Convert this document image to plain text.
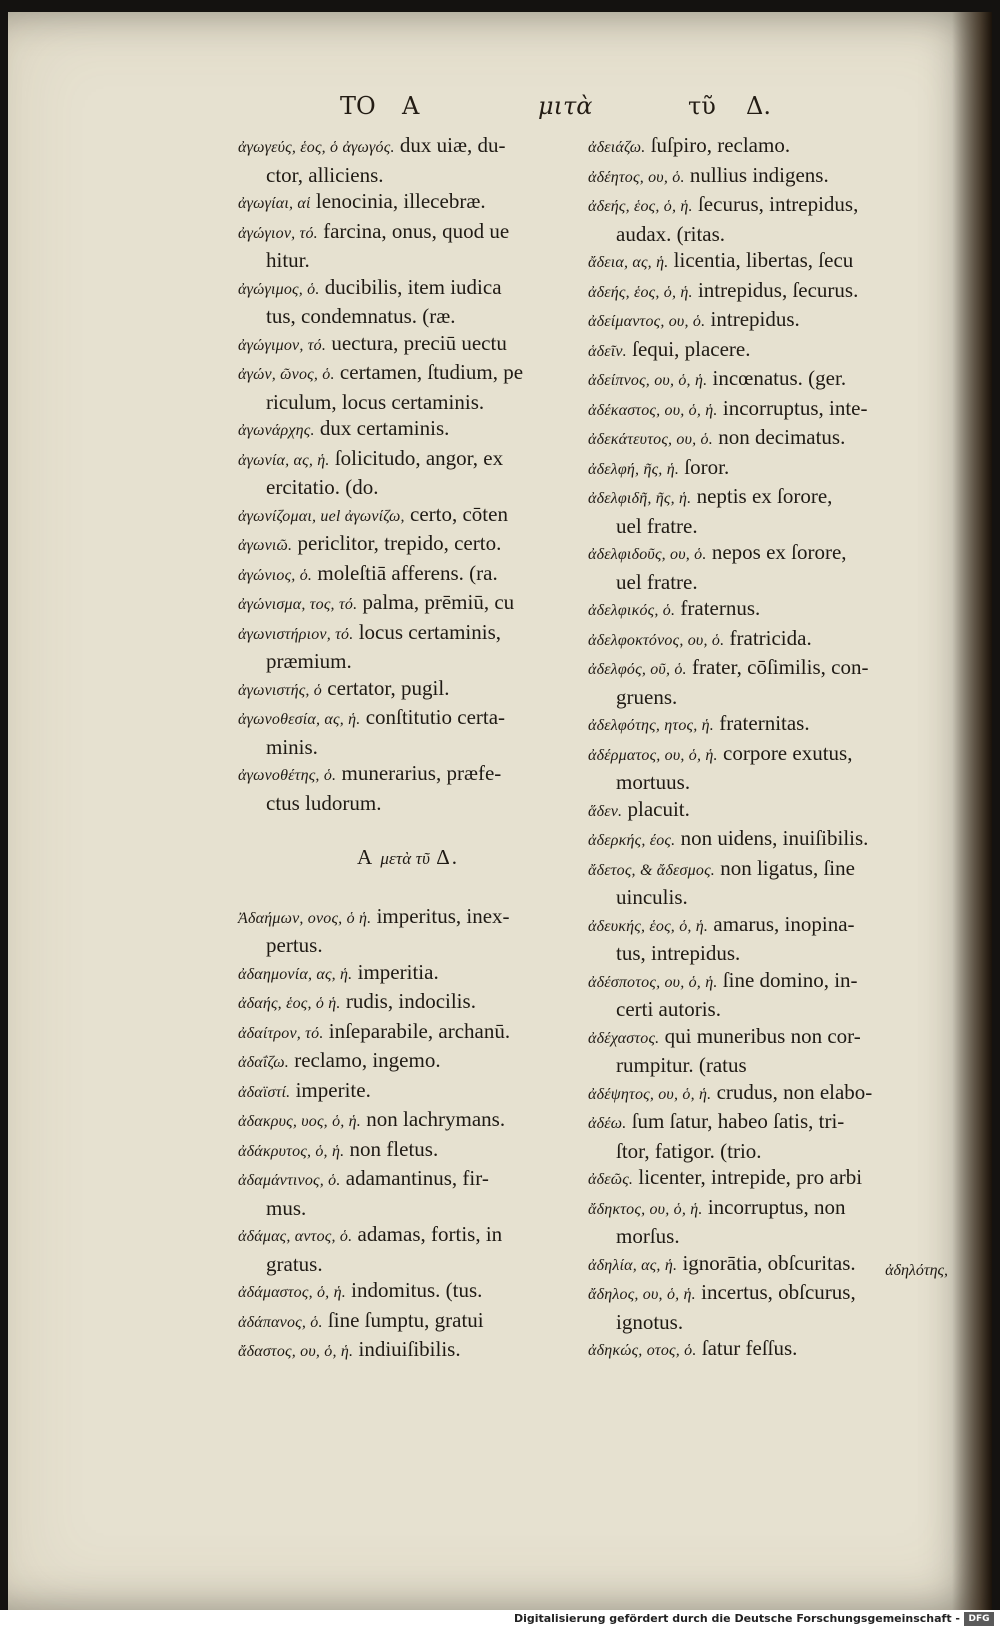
TO A	μιτὰ	τῦ Δ.
ἀγωγεύς, ἑος, ὁ ἀγωγός. dux uiæ, du-
ctor, alliciens.
ἀγωγίαι, αἱ lenocinia, illecebræ.
ἀγώγιον, τό. farcina, onus, quod ue
hitur.
ἀγώγιμος, ὁ. ducibilis, item iudica
tus, condemnatus. (ræ.
ἀγώγιμον, τό. uectura, preciū uectu
ἀγών, ῶνος, ὁ. certamen, ſtudium, pe
riculum, locus certaminis.
ἀγωνάρχης. dux certaminis.
ἀγωνία, ας, ἡ. ſolicitudo, angor, ex
ercitatio. (do.
ἀγωνίζομαι, uel ἀγωνίζω, certo, cōten
ἀγωνιῶ. periclitor, trepido, certo.
ἀγώνιος, ὁ. moleſtiā afferens. (ra.
ἀγώνισμα, τος, τό. palma, prēmiū, cu
ἀγωνιστήριον, τό. locus certaminis,
præmium.
ἀγωνιστής, ὁ certator, pugil.
ἀγωνοθεσία, ας, ἡ. conſtitutio certa-
minis.
ἀγωνοθέτης, ὁ. munerarius, præfe-
ctus ludorum.
A μετὰ τῦ Δ.
Ἀδαήμων, ονος, ὁ ἡ. imperitus, inex-
pertus.
ἀδαημονία, ας, ἡ. imperitia.
ἀδαής, ἑος, ὁ ἡ. rudis, indocilis.
ἀδαίτρον, τό. inſeparabile, archanū.
ἀδαΐζω. reclamo, ingemo.
ἀδαϊστί. imperite.
ἀδακρυς, υος, ὁ, ἡ. non lachrymans.
ἀδάκρυτος, ὁ, ἡ. non fletus.
ἀδαμάντινος, ὁ. adamantinus, fir-
mus.
ἀδάμας, αντος, ὁ. adamas, fortis, in
gratus.
ἀδάμαστος, ὁ, ἡ. indomitus. (tus.
ἀδάπανος, ὁ. ſine ſumptu, gratui
ἄδαστος, ου, ὁ, ἡ. indiuiſibilis.
ἀδειάζω. ſuſpiro, reclamo.
ἀδέητος, ου, ὁ. nullius indigens.
ἀδεής, ἑος, ὁ, ἡ. ſecurus, intrepidus,
audax. (ritas.
ἄδεια, ας, ἡ. licentia, libertas, ſecu
ἀδεής, ἑος, ὁ, ἡ. intrepidus, ſecurus.
ἀδείμαντος, ου, ὁ. intrepidus.
ἁδεῖν. ſequi, placere.
ἀδείπνος, ου, ὁ, ἡ. incœnatus. (ger.
ἀδέκαστος, ου, ὁ, ἡ. incorruptus, inte-
ἀδεκάτευτος, ου, ὁ. non decimatus.
ἀδελφή, ῆς, ἡ. ſoror.
ἀδελφιδῆ, ῆς, ἡ. neptis ex ſorore,
uel fratre.
ἀδελφιδοῦς, ου, ὁ. nepos ex ſorore,
uel fratre.
ἀδελφικός, ὁ. fraternus.
ἀδελφοκτόνος, ου, ὁ. fratricida.
ἀδελφός, οῦ, ὁ. frater, cōſimilis, con-
gruens.
ἀδελφότης, ητος, ἡ. fraternitas.
ἀδέρματος, ου, ὁ, ἡ. corpore exutus,
mortuus.
ἅδεν. placuit.
ἀδερκής, έος. non uidens, inuiſibilis.
ἄδετος, & ἄδεσμος. non ligatus, ſine
uinculis.
ἀδευκής, ἑος, ὁ, ἡ. amarus, inopina-
tus, intrepidus.
ἀδέσποτος, ου, ὁ, ἡ. ſine domino, in-
certi autoris.
ἀδέχαστος. qui muneribus non cor-
rumpitur. (ratus
ἀδέψητος, ου, ὁ, ἡ. crudus, non elabo-
ἀδέω. ſum ſatur, habeo ſatis, tri-
ſtor, fatigor. (trio.
ἀδεῶς. licenter, intrepide, pro arbi
ἄδηκτος, ου, ὁ, ἡ. incorruptus, non
morſus.
ἀδηλία, ας, ἡ. ignorātia, obſcuritas.
ἄδηλος, ου, ὁ, ἡ. incertus, obſcurus,
ignotus.
ἀδηκώς, οτος, ὁ. ſatur feſſus.
ἀδηλότης,
Digitalisierung gefördert durch die Deutsche Forschungsgemeinschaft - DFG
